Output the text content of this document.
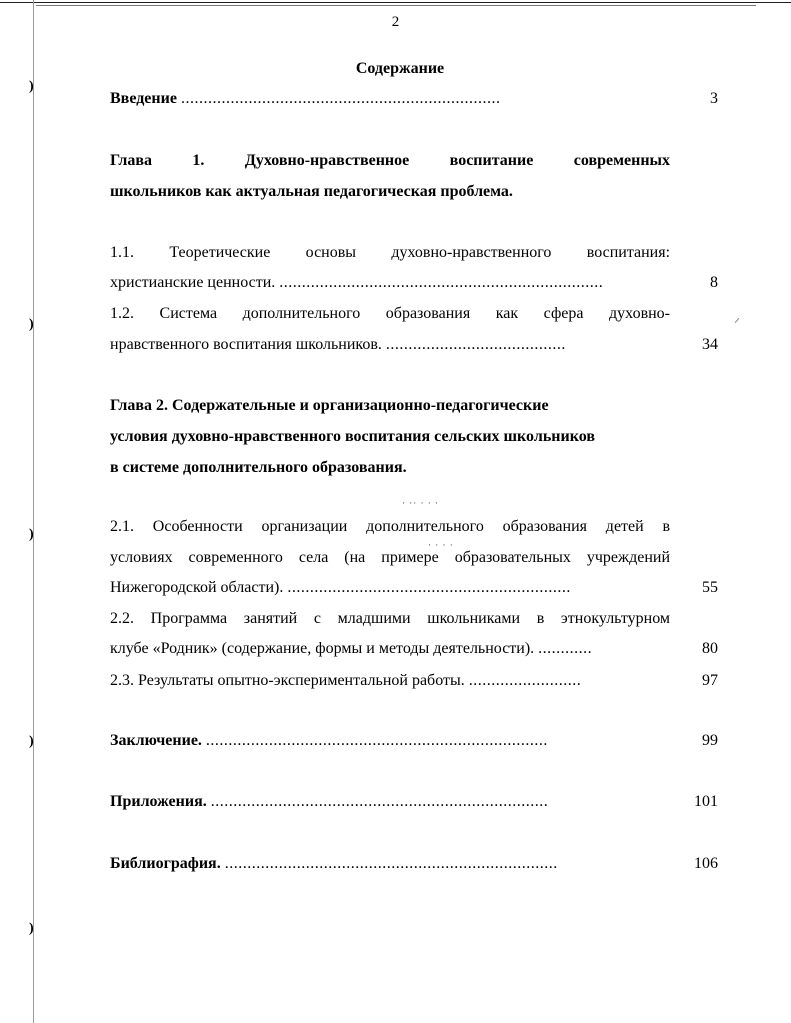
)
)
)
)
)
· ·· · · ·
· · · ·
2
Содержание
Введение .......................................................................	3
Глава	1.	Духовно-нравственное	воспитание	современных
школьников как актуальная педагогическая проблема.
1.1. Теоретические основы духовно-нравственного воспитания:
христианские ценности. ........................................................................	8
1.2. Система дополнительного образования как сфера духовно-
нравственного воспитания школьников. ........................................	34
Глава 2. Содержательные и организационно-педагогические
условия духовно-нравственного воспитания сельских школьников
в системе дополнительного образования.
2.1. Особенности организации дополнительного образования детей в
условиях современного села (на примере образовательных учреждений
Нижегородской области). ...............................................................	55
2.2. Программа занятий с младшими школьниками в этнокультурном
клубе «Родник» (содержание, формы и методы деятельности). ............	80
2.3. Результаты опытно-экспериментальной работы. .........................	97
Заключение. ............................................................................	99
Приложения. ...........................................................................	101
Библиография. ..........................................................................	106
